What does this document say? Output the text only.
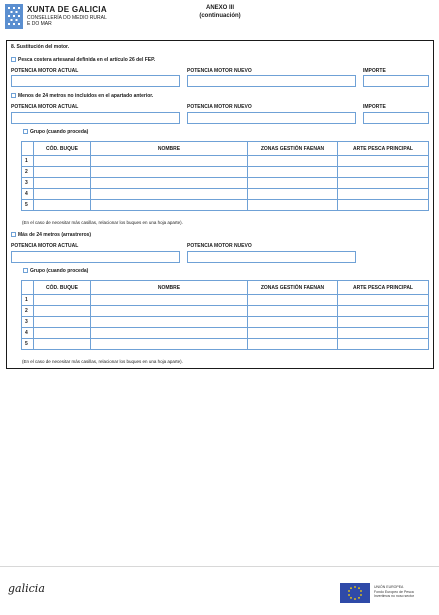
XUNTA DE GALICIA
CONSELLERÍA DO MEDIO RURAL
E DO MAR
ANEXO III
(continuación)
8. Sustitución del motor.
Pesca costera artesanal definida en el artículo 26 del FEP.
POTENCIA MOTOR ACTUAL	POTENCIA MOTOR NUEVO	IMPORTE
Menos de 24 metros no incluidos en el apartado anterior.
POTENCIA MOTOR ACTUAL	POTENCIA MOTOR NUEVO	IMPORTE
Grupo (cuando proceda)
	CÓD. BUQUE	NOMBRE	ZONAS GESTIÓN FAENAN	ARTE PESCA PRINCIPAL
1				
2				
3				
4				
5				
(En el caso de necesitar más casillas, relacionar los buques en una hoja aparte).
Más de 24 metros (arrastreros)
POTENCIA MOTOR ACTUAL	POTENCIA MOTOR NUEVO
Grupo (cuando proceda)
	CÓD. BUQUE	NOMBRE	ZONAS GESTIÓN FAENAN	ARTE PESCA PRINCIPAL
1				
2				
3				
4				
5				
(En el caso de necesitar más casillas, relacionar los buques en una hoja aparte).
galicia	UNIÓN EUROPEA
Fondo Europeo de Pesca
Invertimos no noso sector
